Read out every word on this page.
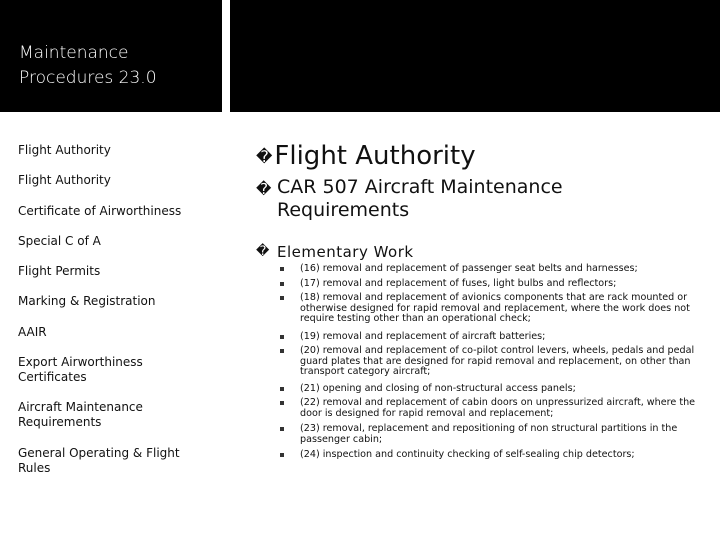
Maintenance
Procedures 23.0
Flight Authority
Flight Authority
Certificate of Airworthiness
Special C of A
Flight Permits
Marking & Registration
AAIR
Export Airworthiness Certificates
Aircraft Maintenance Requirements
General Operating & Flight Rules
�Flight Authority
� CAR 507 Aircraft Maintenance Requirements
� Elementary Work
(16) removal and replacement of passenger seat belts and harnesses;
(17) removal and replacement of fuses, light bulbs and reflectors;
(18) removal and replacement of avionics components that are rack mounted or otherwise designed for rapid removal and replacement, where the work does not require testing other than an operational check;
(19) removal and replacement of aircraft batteries;
(20) removal and replacement of co-pilot control levers, wheels, pedals and pedal guard plates that are designed for rapid removal and replacement, on other than transport category aircraft;
(21) opening and closing of non-structural access panels;
(22) removal and replacement of cabin doors on unpressurized aircraft, where the door is designed for rapid removal and replacement;
(23) removal, replacement and repositioning of non structural partitions in the passenger cabin;
(24) inspection and continuity checking of self-sealing chip detectors;
